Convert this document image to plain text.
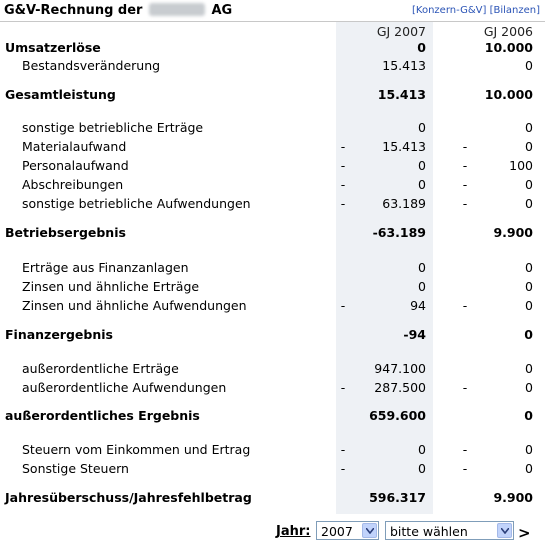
G&V-Rechnung der	AG	[Konzern-G&V] [Bilanzen]
GJ 2007	GJ 2006
Umsatzerlöse	0	10.000
Bestandsveränderung	15.413	0
Gesamtleistung	15.413	10.000
sonstige betriebliche Erträge	0	0
Materialaufwand	-	15.413	-	0
Personalaufwand	-	0	-	100
Abschreibungen	-	0	-	0
sonstige betriebliche Aufwendungen	-	63.189	-	0
Betriebsergebnis	-63.189	9.900
Erträge aus Finanzanlagen	0	0
Zinsen und ähnliche Erträge	0	0
Zinsen und ähnliche Aufwendungen	-	94	-	0
Finanzergebnis	-94	0
außerordentliche Erträge	947.100	0
außerordentliche Aufwendungen	-	287.500	-	0
außerordentliches Ergebnis	659.600	0
Steuern vom Einkommen und Ertrag	-	0	-	0
Sonstige Steuern	-	0	-	0
Jahresüberschuss/Jahresfehlbetrag	596.317	9.900
Jahr: 2007	bitte wählen	>
